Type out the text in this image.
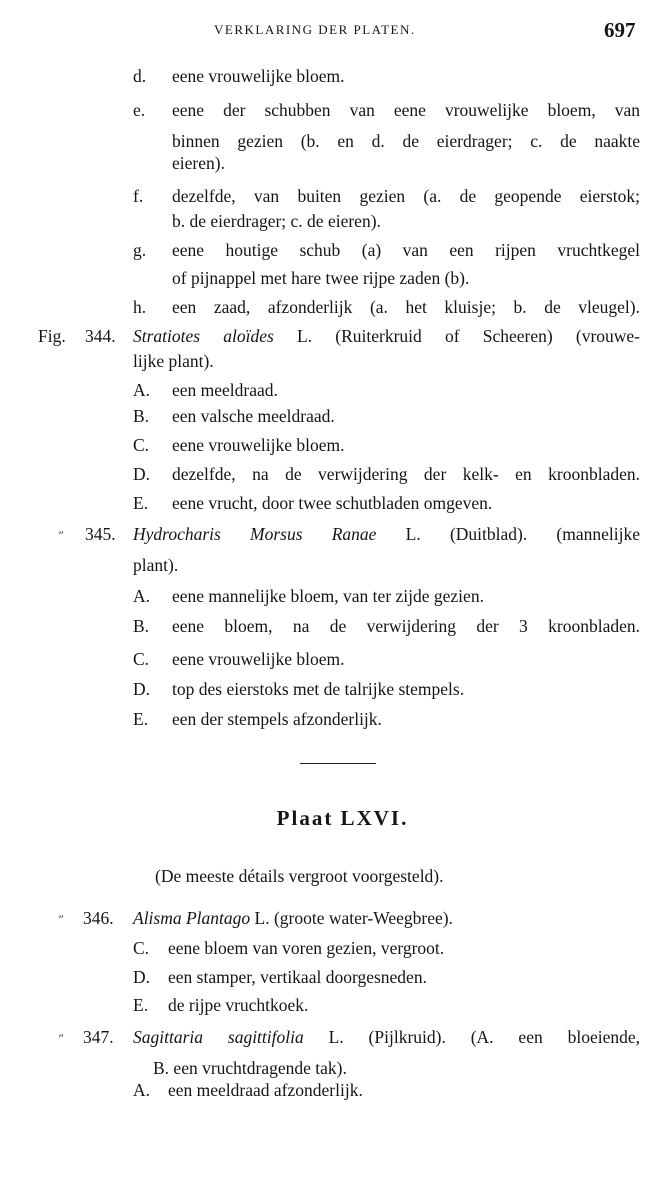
VERKLARING DER PLATEN.	697
d. eene vrouwelijke bloem.
e. eene der schubben van eene vrouwelijke bloem, van
binnen gezien (b. en d. de eierdrager; c. de naakte
eieren).
f. dezelfde, van buiten gezien (a. de geopende eierstok;
b. de eierdrager; c. de eieren).
g. eene houtige schub (a) van een rijpen vruchtkegel
of pijnappel met hare twee rijpe zaden (b).
h. een zaad, afzonderlijk (a. het kluisje; b. de vleugel).
Fig. 344. Stratiotes aloïdes L. (Ruiterkruid of Scheeren) (vrouwe-
lijke plant).
A. een meeldraad.
B. een valsche meeldraad.
C. eene vrouwelijke bloem.
D. dezelfde, na de verwijdering der kelk- en kroonbladen.
E. eene vrucht, door twee schutbladen omgeven.
″ 345. Hydrocharis Morsus Ranae L. (Duitblad). (mannelijke
plant).
A. eene mannelijke bloem, van ter zijde gezien.
B. eene bloem, na de verwijdering der 3 kroonbladen.
C. eene vrouwelijke bloem.
D. top des eierstoks met de talrijke stempels.
E. een der stempels afzonderlijk.
Plaat LXVI.
(De meeste détails vergroot voorgesteld).
″ 346. Alisma Plantago L. (groote water-Weegbree).
C. eene bloem van voren gezien, vergroot.
D. een stamper, vertikaal doorgesneden.
E. de rijpe vruchtkoek.
″ 347. Sagittaria sagittifolia L. (Pijlkruid). (A. een bloeiende,
B. een vruchtdragende tak).
A. een meeldraad afzonderlijk.
